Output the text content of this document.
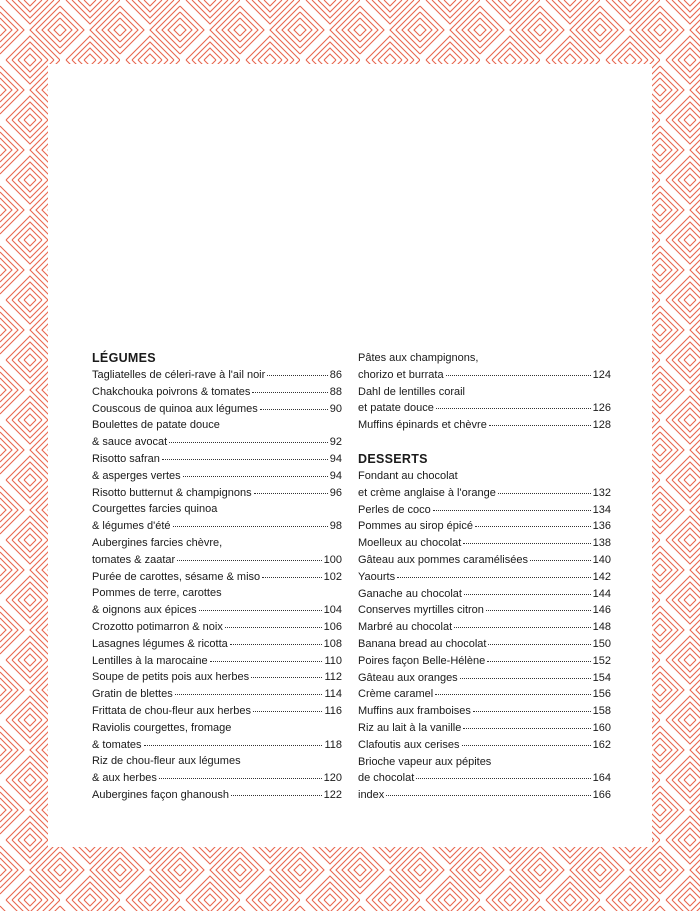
LÉGUMES
Tagliatelles de céleri-rave à l'ail noir	86
Chakchouka poivrons & tomates	88
Couscous de quinoa aux légumes	90
Boulettes de patate douce
& sauce avocat	92
Risotto safran	94
& asperges vertes	94
Risotto butternut & champignons	96
Courgettes farcies quinoa
& légumes d'été	98
Aubergines farcies chèvre,
tomates & zaatar	100
Purée de carottes, sésame & miso	102
Pommes de terre, carottes
& oignons aux épices	104
Crozotto potimarron & noix	106
Lasagnes légumes & ricotta	108
Lentilles à la marocaine	110
Soupe de petits pois aux herbes	112
Gratin de blettes	114
Frittata de chou-fleur aux herbes	116
Raviolis courgettes, fromage
& tomates	118
Riz de chou-fleur aux légumes
& aux herbes	120
Aubergines façon ghanoush	122
Pâtes aux champignons,
chorizo et burrata	124
Dahl de lentilles corail
et patate douce	126
Muffins épinards et chèvre	128
DESSERTS
Fondant au chocolat
et crème anglaise à l'orange	132
Perles de coco	134
Pommes au sirop épicé	136
Moelleux au chocolat	138
Gâteau aux pommes caramélisées	140
Yaourts	142
Ganache au chocolat	144
Conserves myrtilles citron	146
Marbré au chocolat	148
Banana bread au chocolat	150
Poires façon Belle-Hélène	152
Gâteau aux oranges	154
Crème caramel	156
Muffins aux framboises	158
Riz au lait à la vanille	160
Clafoutis aux cerises	162
Brioche vapeur aux pépites
de chocolat	164
index	166
